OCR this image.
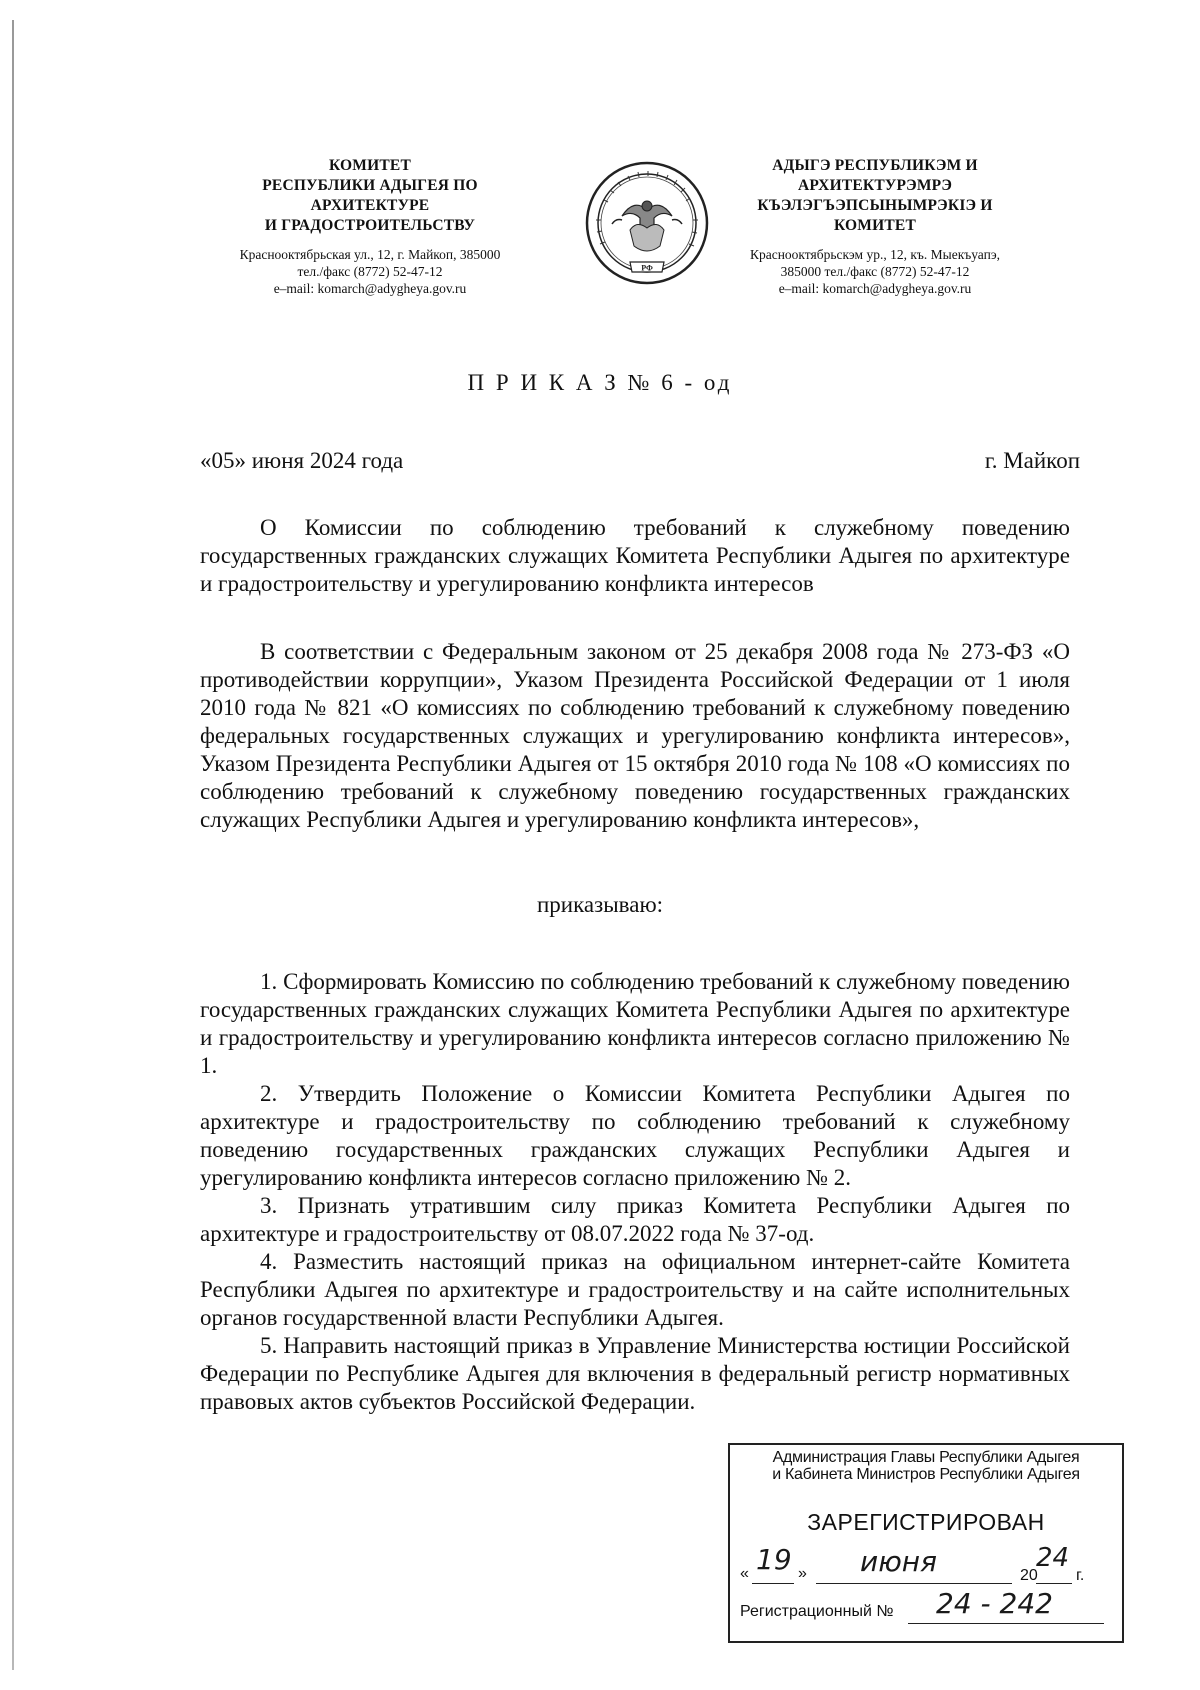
КОМИТЕТ
РЕСПУБЛИКИ АДЫГЕЯ ПО
АРХИТЕКТУРЕ
И ГРАДОСТРОИТЕЛЬСТВУ
Краснооктябрьская ул., 12, г. Майкоп, 385000
тел./факс (8772) 52-47-12
e–mail: komarch@adygheya.gov.ru
РФ
АДЫГЭ РЕСПУБЛИКЭМ И
АРХИТЕКТУРЭМРЭ
КЪЭЛЭГЪЭПСЫНЫМРЭКIЭ И
КОМИТЕТ
Краснооктябрьскэм ур., 12, къ. Мыекъуапэ,
385000 тел./факс (8772) 52-47-12
e–mail: komarch@adygheya.gov.ru
П Р И К А З № 6 - од
«05» июня 2024 года	г. Майкоп
О Комиссии по соблюдению требований к служебному поведению государственных гражданских служащих Комитета Республики Адыгея по архитектуре и градостроительству и урегулированию конфликта интересов
В соответствии с Федеральным законом от 25 декабря 2008 года № 273-ФЗ «О противодействии коррупции», Указом Президента Российской Федерации от 1 июля 2010 года № 821 «О комиссиях по соблюдению требований к служебному поведению федеральных государственных служащих и урегулированию конфликта интересов», Указом Президента Республики Адыгея от 15 октября 2010 года № 108 «О комиссиях по соблюдению требований к служебному поведению государственных гражданских служащих Республики Адыгея и урегулированию конфликта интересов»,
приказываю:

1. Сформировать Комиссию по соблюдению требований к служебному поведению государственных гражданских служащих Комитета Республики Адыгея по архитектуре и градостроительству и урегулированию конфликта интересов согласно приложению № 1.

2. Утвердить Положение о Комиссии Комитета Республики Адыгея по архитектуре и градостроительству по соблюдению требований к служебному поведению государственных гражданских служащих Республики Адыгея и урегулированию конфликта интересов согласно приложению № 2.

3. Признать утратившим силу приказ Комитета Республики Адыгея по архитектуре и градостроительству от 08.07.2022 года № 37-од.

4. Разместить настоящий приказ на официальном интернет-сайте Комитета Республики Адыгея по архитектуре и градостроительству и на сайте исполнительных органов государственной власти Республики Адыгея.

5. Направить настоящий приказ в Управление Министерства юстиции Российской Федерации по Республике Адыгея для включения в федеральный регистр нормативных правовых актов субъектов Российской Федерации.

Администрация Главы Республики Адыгея
и Кабинета Министров Республики Адыгея
ЗАРЕГИСТРИРОВАН
« 19 » июня	20
24
г.
Регистрационный № 24 - 242
